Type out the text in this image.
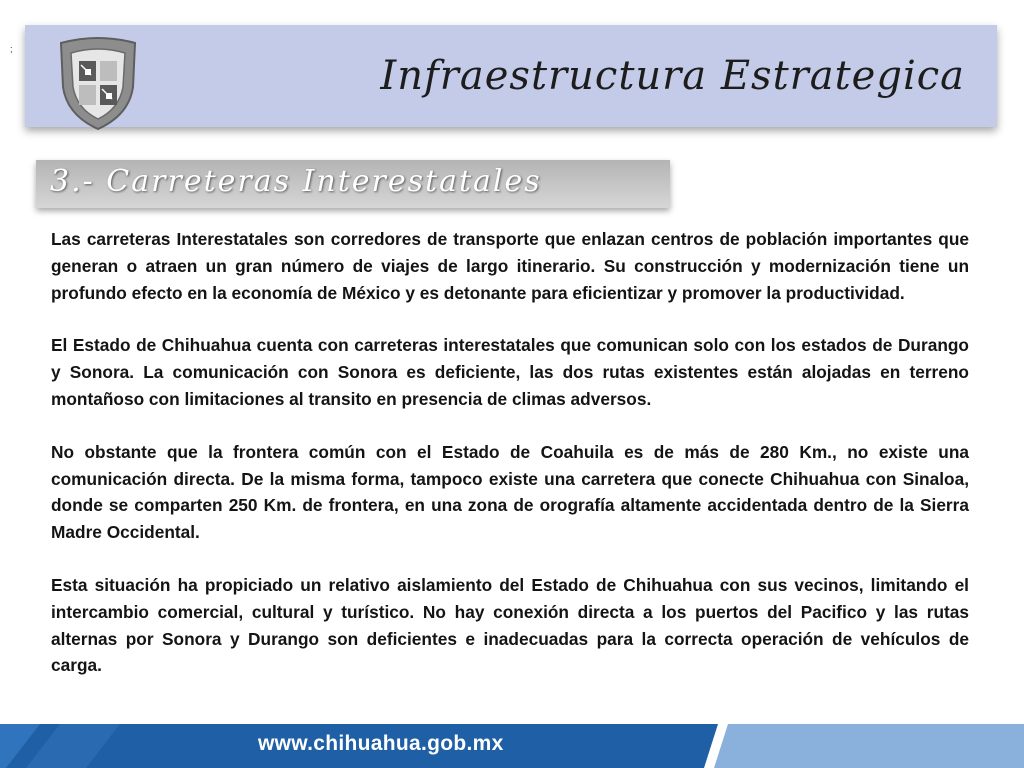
Infraestructura Estrategica
;
3.- Carreteras Interestatales

Las carreteras Interestatales son corredores de transporte que enlazan centros de población importantes que generan o atraen un gran número de viajes de largo itinerario. Su construcción y modernización tiene un profundo efecto en la economía de México y es detonante para eficientizar y promover la productividad.

El Estado de Chihuahua cuenta con carreteras interestatales que comunican solo con los estados de Durango y Sonora. La comunicación con Sonora es deficiente, las dos rutas existentes están alojadas en terreno montañoso con limitaciones al transito en presencia de climas adversos.

No obstante que la frontera común con el Estado de Coahuila es de más de 280 Km., no existe una comunicación directa. De la misma forma, tampoco existe una carretera que conecte Chihuahua con Sinaloa, donde se comparten 250 Km. de frontera, en una zona de orografía altamente accidentada dentro de la Sierra Madre Occidental.

Esta situación ha propiciado un relativo aislamiento del Estado de Chihuahua con sus vecinos, limitando el intercambio comercial, cultural y turístico. No hay conexión directa a los puertos del Pacifico y las rutas alternas por Sonora y Durango son deficientes e inadecuadas para la correcta operación de vehículos de carga.

www.chihuahua.gob.mx
